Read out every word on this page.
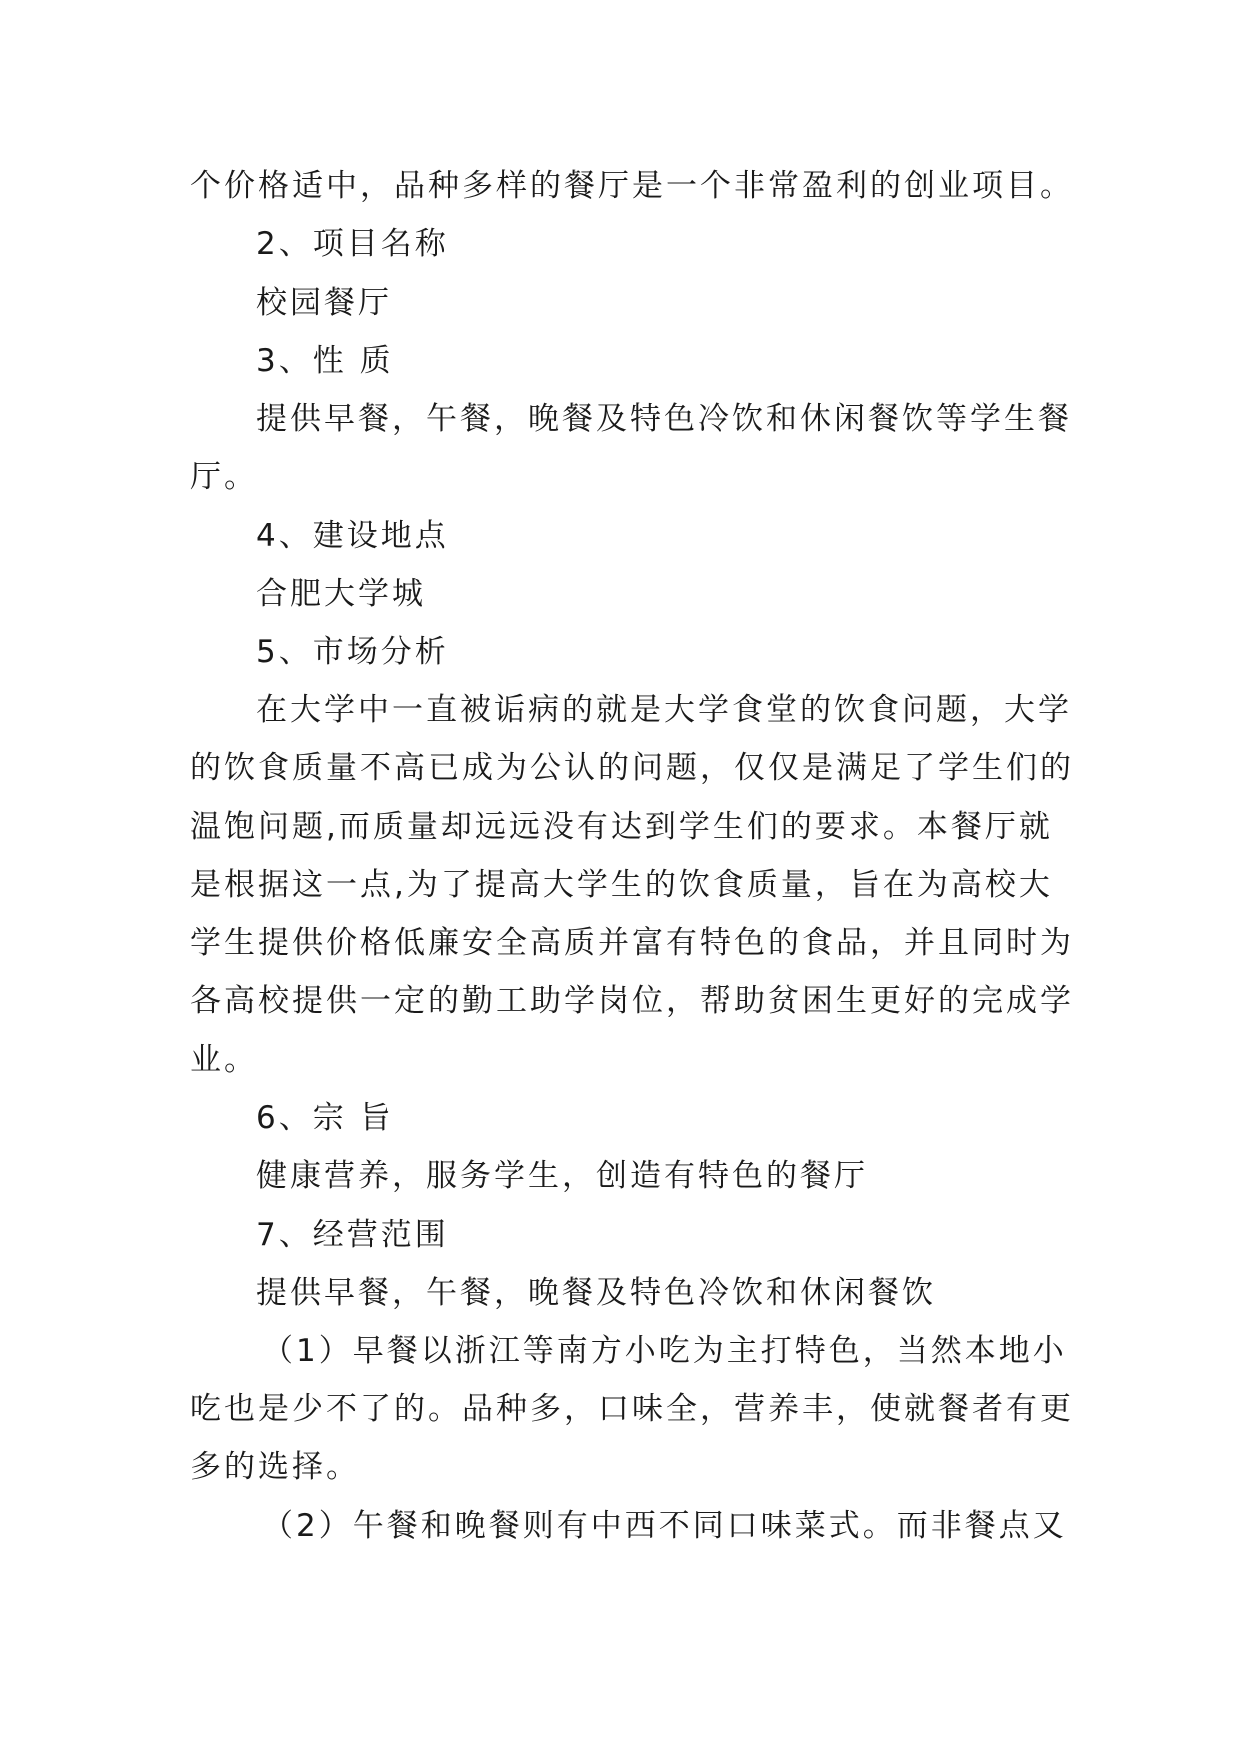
个价格适中，品种多样的餐厅是一个非常盈利的创业项目。
2、项目名称
校园餐厅
3、性 质
提供早餐，午餐，晚餐及特色冷饮和休闲餐饮等学生餐
厅。
4、建设地点
合肥大学城
5、市场分析
在大学中一直被诟病的就是大学食堂的饮食问题，大学
的饮食质量不高已成为公认的问题，仅仅是满足了学生们的
温饱问题,而质量却远远没有达到学生们的要求。本餐厅就
是根据这一点,为了提高大学生的饮食质量，旨在为高校大
学生提供价格低廉安全高质并富有特色的食品，并且同时为
各高校提供一定的勤工助学岗位，帮助贫困生更好的完成学
业。
6、宗 旨
健康营养，服务学生，创造有特色的餐厅
7、经营范围
提供早餐，午餐，晚餐及特色冷饮和休闲餐饮
（1）早餐以浙江等南方小吃为主打特色，当然本地小
吃也是少不了的。品种多，口味全，营养丰，使就餐者有更
多的选择。
（2）午餐和晚餐则有中西不同口味菜式。而非餐点又
